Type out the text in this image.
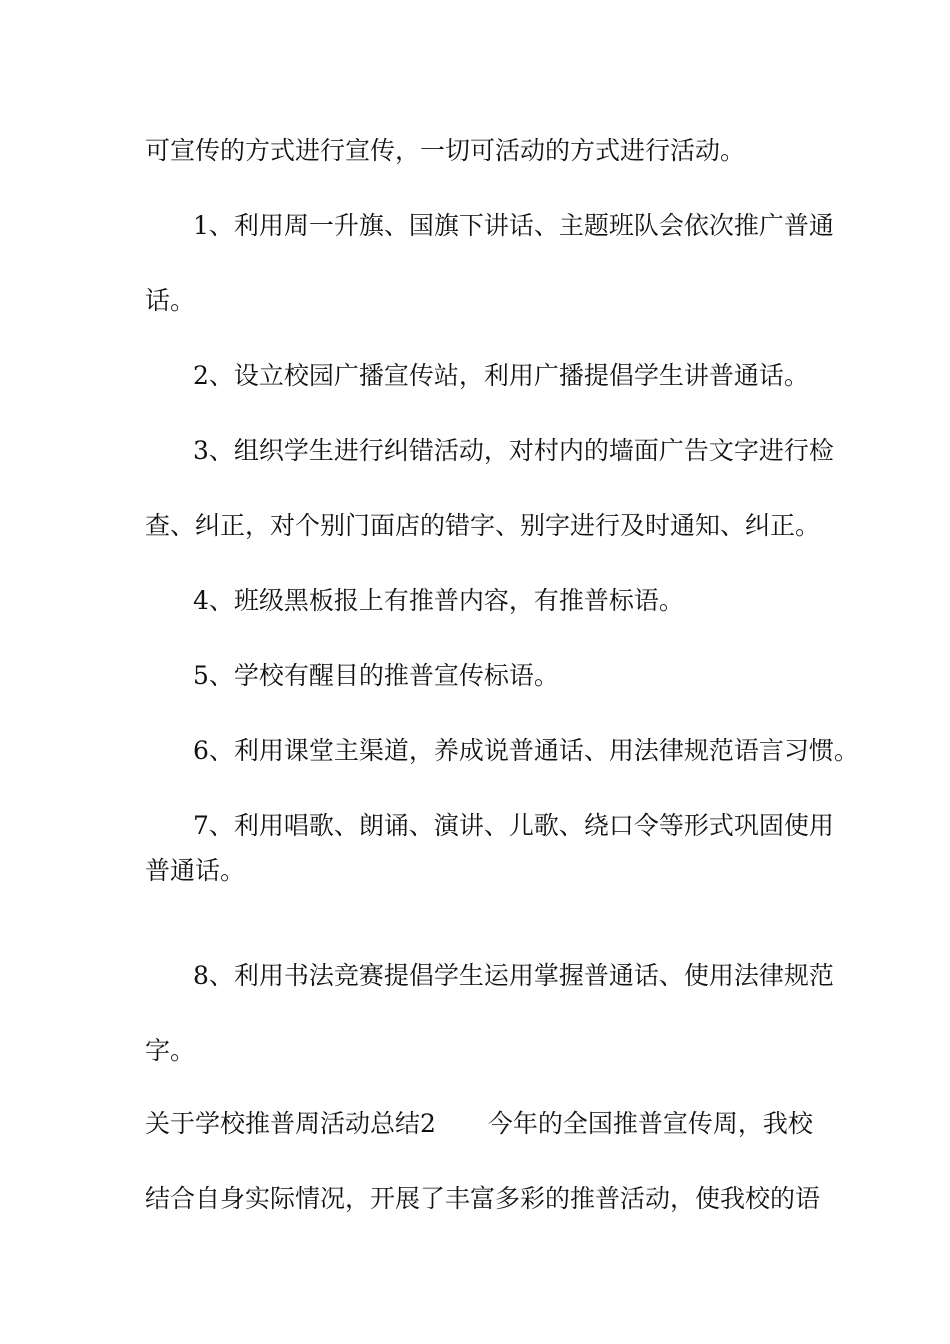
可宣传的方式进行宣传，一切可活动的方式进行活动。
1、利用周一升旗、国旗下讲话、主题班队会依次推广普通
话。
2、设立校园广播宣传站，利用广播提倡学生讲普通话。
3、组织学生进行纠错活动，对村内的墙面广告文字进行检
查、纠正，对个别门面店的错字、别字进行及时通知、纠正。
4、班级黑板报上有推普内容，有推普标语。
5、学校有醒目的推普宣传标语。
6、利用课堂主渠道，养成说普通话、用法律规范语言习惯。
7、利用唱歌、朗诵、演讲、儿歌、绕口令等形式巩固使用
普通话。
8、利用书法竞赛提倡学生运用掌握普通话、使用法律规范
字。
关于学校推普周活动总结2 今年的全国推普宣传周，我校
结合自身实际情况，开展了丰富多彩的推普活动，使我校的语
